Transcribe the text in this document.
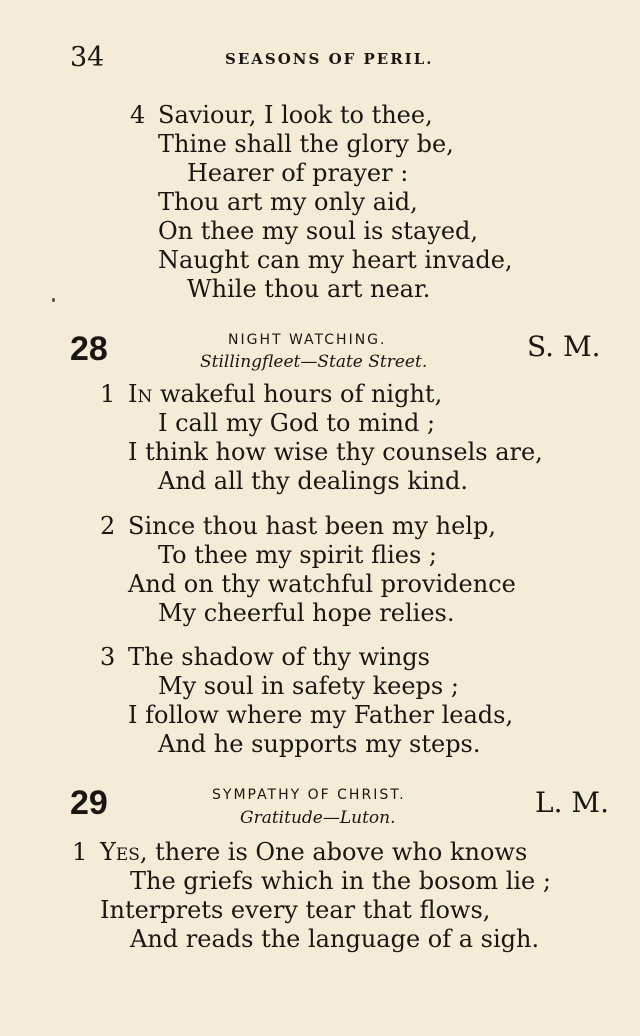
34	SEASONS OF PERIL.
4 Saviour, I look to thee,
Thine shall the glory be,
Hearer of prayer :
Thou art my only aid,
On thee my soul is stayed,
Naught can my heart invade,
While thou art near.
28	NIGHT WATCHING.
Stillingfleet—State Street.	S. M.
1 In wakeful hours of night,
I call my God to mind ;
I think how wise thy counsels are,
And all thy dealings kind.
2 Since thou hast been my help,
To thee my spirit flies ;
And on thy watchful providence
My cheerful hope relies.
3 The shadow of thy wings
My soul in safety keeps ;
I follow where my Father leads,
And he supports my steps.
29	SYMPATHY OF CHRIST.
Gratitude—Luton.	L. M.
1 Yes, there is One above who knows
The griefs which in the bosom lie ;
Interprets every tear that flows,
And reads the language of a sigh.
